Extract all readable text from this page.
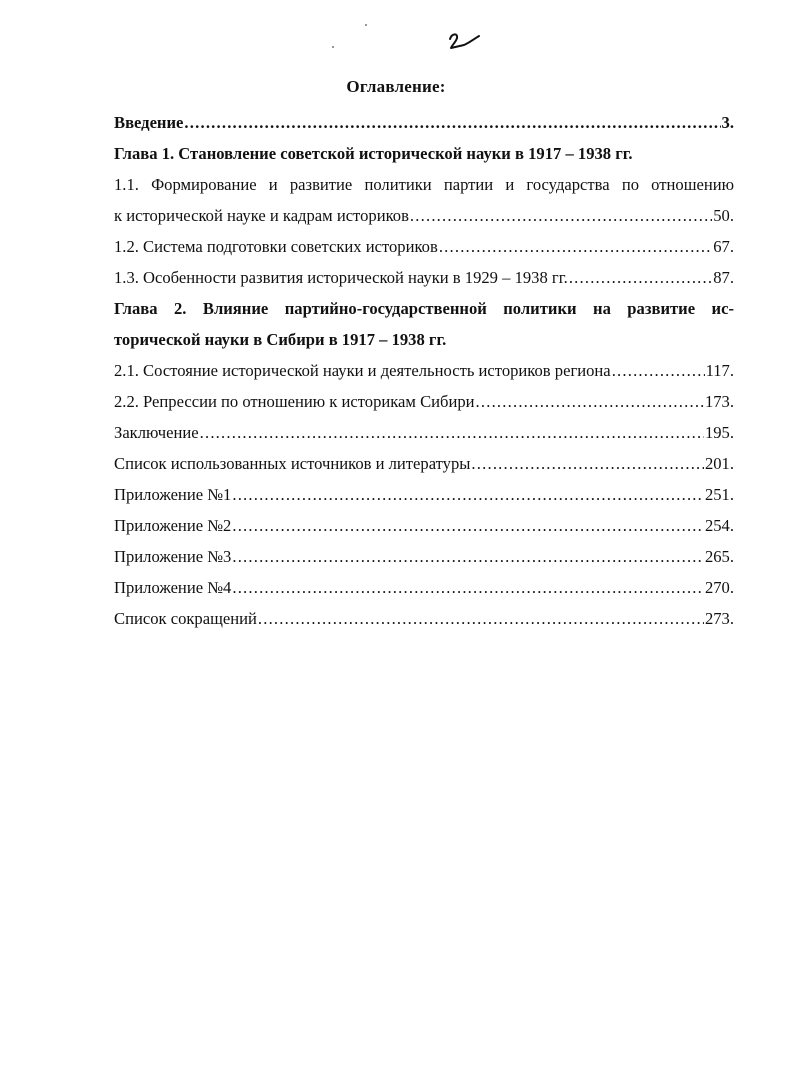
Оглавление:
Введение .....	3.
Глава 1. Становление советской исторической науки в 1917 – 1938 гг.
1.1. Формирование и развитие политики партии и государства по отношению
к исторической науке и кадрам историков .....	50.
1.2. Система подготовки советских историков .....	67.
1.3. Особенности развития исторической науки в 1929 – 1938 гг. .....	87.
Глава 2. Влияние партийно-государственной политики на развитие ис-
торической науки в Сибири в 1917 – 1938 гг.
2.1. Состояние исторической науки и деятельность историков региона .....	117.
2.2. Репрессии по отношению к историкам Сибири .....	173.
Заключение .....	195.
Список использованных источников и литературы .....	201.
Приложение №1 .....	251.
Приложение №2 .....	254.
Приложение №3 .....	265.
Приложение №4 .....	270.
Список сокращений .....	273.
